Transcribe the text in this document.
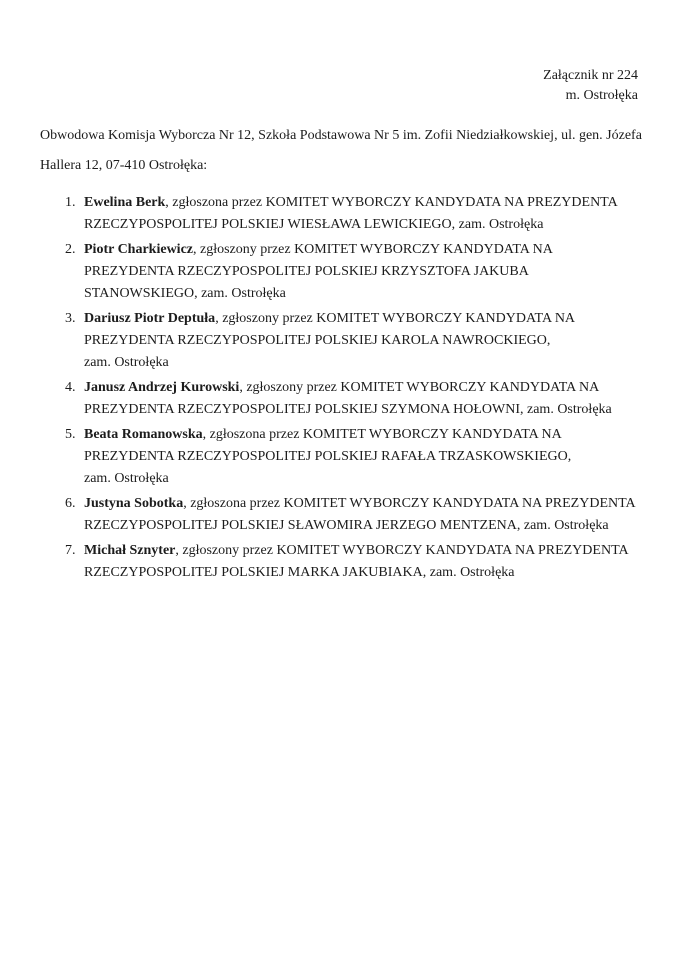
Załącznik nr 224
m. Ostrołęka
Obwodowa Komisja Wyborcza Nr 12, Szkoła Podstawowa Nr 5 im. Zofii Niedziałkowskiej, ul. gen. Józefa
Hallera 12, 07-410 Ostrołęka:
1. Ewelina Berk, zgłoszona przez KOMITET WYBORCZY KANDYDATA NA PREZYDENTA
RZECZYPOSPOLITEJ POLSKIEJ WIESŁAWA LEWICKIEGO, zam. Ostrołęka
2. Piotr Charkiewicz, zgłoszony przez KOMITET WYBORCZY KANDYDATA NA
PREZYDENTA RZECZYPOSPOLITEJ POLSKIEJ KRZYSZTOFA JAKUBA
STANOWSKIEGO, zam. Ostrołęka
3. Dariusz Piotr Deptuła, zgłoszony przez KOMITET WYBORCZY KANDYDATA NA
PREZYDENTA RZECZYPOSPOLITEJ POLSKIEJ KAROLA NAWROCKIEGO,
zam. Ostrołęka
4. Janusz Andrzej Kurowski, zgłoszony przez KOMITET WYBORCZY KANDYDATA NA
PREZYDENTA RZECZYPOSPOLITEJ POLSKIEJ SZYMONA HOŁOWNI, zam. Ostrołęka
5. Beata Romanowska, zgłoszona przez KOMITET WYBORCZY KANDYDATA NA
PREZYDENTA RZECZYPOSPOLITEJ POLSKIEJ RAFAŁA TRZASKOWSKIEGO,
zam. Ostrołęka
6. Justyna Sobotka, zgłoszona przez KOMITET WYBORCZY KANDYDATA NA PREZYDENTA
RZECZYPOSPOLITEJ POLSKIEJ SŁAWOMIRA JERZEGO MENTZENA, zam. Ostrołęka
7. Michał Sznyter, zgłoszony przez KOMITET WYBORCZY KANDYDATA NA PREZYDENTA
RZECZYPOSPOLITEJ POLSKIEJ MARKA JAKUBIAKA, zam. Ostrołęka
